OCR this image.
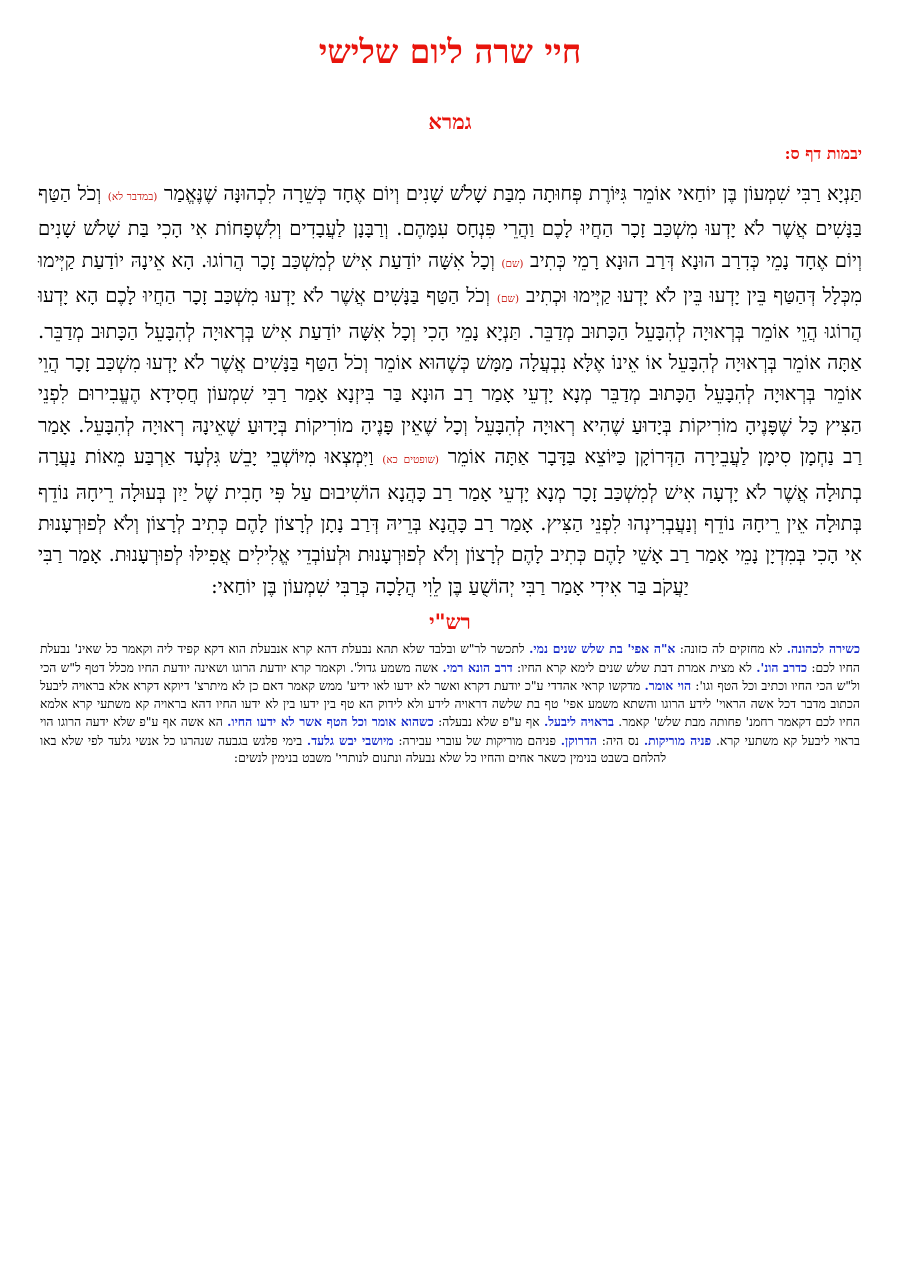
חיי שרה ליום שלישי
גמרא
יבמות דף ס:
תַּנְיָא רַבִּי שִׁמְעוֹן בֶּן יוֹחַאי אוֹמֵר גִּיּוֹרֶת פְּחוּתָה מִבַּת שָׁלֹשׁ שָׁנִים וְיוֹם אֶחָד כְּשֵׁרָה לִכְהוּנָּה שֶׁנֶּאֱמַר (במדבר לא) וְכֹל הַטַּף בַּנָּשִׁים אֲשֶׁר לֹא יָדְעוּ מִשְׁכַּב זָכָר הַחֲיוּ לָכֶם וַהֲרֵי פִּנְחָס עִמָּהֶם. וְרַבָּנָן לַעֲבָדִים וְלִשְׁפָחוֹת אִי הָכִי בַּת שָׁלֹשׁ שָׁנִים וְיוֹם אֶחָד נָמֵי כְּדִרַב הוּנָא דְּרַב הוּנָא רָמֵי כְּתִיב (שם) וְכָל אִשָּׁה יוֹדַעַת אִישׁ לְמִשְׁכַּב זָכָר הֲרוֹגוּ. הָא אֵינָהּ יוֹדַעַת קַיְּימוּ מִכְּלָל דְּהַטַּף בֵּין יָדְעוּ בֵּין לֹא יָדְעוּ קַיְּימוּ וּכְתִיב (שם) וְכֹל הַטַּף בַּנָּשִׁים אֲשֶׁר לֹא יָדְעוּ מִשְׁכַּב זָכָר הַחֲיוּ לָכֶם הָא יָדְעוּ הֲרוֹגוּ הֲוֵי אוֹמֵר בְּרְאוּיָה לְהִבָּעֵל הַכָּתוּב מְדַבֵּר. תַּנְיָא נָמֵי הָכִי וְכָל אִשָּׁה יוֹדַעַת אִישׁ בְּרְאוּיָה לְהִבָּעֵל הַכָּתוּב מְדַבֵּר. אַתָּה אוֹמֵר בְּרְאוּיָה לְהִבָּעֵל אוֹ אֵינוֹ אֶלָּא נִבְעֲלָה מַמָּשׁ כְּשֶׁהוּא אוֹמֵר וְכֹל הַטַּף בַּנָּשִׁים אֲשֶׁר לֹא יָדְעוּ מִשְׁכַּב זָכָר הֲוֵי אוֹמֵר בְּרְאוּיָה לְהִבָּעֵל הַכָּתוּב מְדַבֵּר מְנָא יָדְעֵי אָמַר רַב הוּנָא בַּר בִּיזְנָא אָמַר רַבִּי שִׁמְעוֹן חֲסִידָא הֶעֱבִירוּם לִפְנֵי הַצִּיץ כָּל שֶׁפָּנֶיהָ מוֹרִיקוֹת בְּיָדוּעַ שֶׁהִיא רְאוּיָה לְהִבָּעֵל וְכָל שֶׁאֵין פָּנֶיהָ מוֹרִיקוֹת בְּיָדוּעַ שֶׁאֵינָהּ רְאוּיָה לְהִבָּעֵל. אָמַר רַב נַחְמָן סִימָן לַעֲבֵירָה הַדְּרוֹקָן כַּיּוֹצֵא בַּדָּבָר אַתָּה אוֹמֵר (שופטים כא) וַיִּמְצְאוּ מִיּוֹשְׁבֵי יָבֵשׁ גִּלְעָד אַרְבַּע מֵאוֹת נַעֲרָה בְתוּלָה אֲשֶׁר לֹא יָדְעָה אִישׁ לְמִשְׁכַּב זָכָר מְנָא יָדְעֵי אָמַר רַב כָּהֲנָא הוֹשִׁיבוּם עַל פִּי חָבִית שֶׁל יַיִן בְּעוּלָה רֵיחָהּ נוֹדֵף בְּתוּלָה אֵין רֵיחָהּ נוֹדֵף וְנַעֲבְרִינְהוּ לִפְנֵי הַצִּיץ. אָמַר רַב כָּהֲנָא בְּרֵיהּ דְּרַב נָתָן לְרָצוֹן לָהֶם כְּתִיב לְרָצוֹן וְלֹא לְפוּרְעָנוּת אִי הָכִי בְּמִדְיָן נָמֵי אָמַר רַב אָשֵׁי לָהֶם כְּתִיב לָהֶם לְרָצוֹן וְלֹא לְפוּרְעָנוּת וּלְעוֹבְדֵי אֱלִילִים אֲפִילּוּ לְפוּרְעָנוּת. אָמַר רַבִּי יַעֲקֹב בַּר אִידִי אָמַר רַבִּי יְהוֹשֻׁעַ בֶּן לֵוִי הֲלָכָה כְּרַבִּי שִׁמְעוֹן בֶּן יוֹחַאי:
רש"י
כשירה לכהונה. לא מחזקים לה כזונה: א"ה אפי' בת שלש שנים נמי. לתכשר לר"ש ובלבד שלא תהא נבעלת דהא קרא אנבעלת הוא דקא קפיד ליה וקאמר כל שאינ' נבעלת החיו לכם: כדרב הונ'. לא מצית אמרת דבת שלש שנים לימא קרא החיו: דרב הונא רמי. אשה משמע גדול'. וקאמר קרא יודעת הרוגו ושאינה יודעת החיו מכלל דטף ל"ש הכי ול"ש הכי החיו וכתיב וכל הטף וגו': הוי אומר. מדקשו קראי אהדדי ע"כ יודעת דקרא ואשר לא ידעו לאו ידיע' ממש קאמר דאם כן לא מיתרצ' דיוקא דקרא אלא בראויה ליבעל הכתוב מדבר דכל אשה הראוי' לידע הרוגו והשתא משמע אפי' טף בת שלשה דראויה לידע ולא לידוק הא טף בין ידעו בין לא ידעו החיו דהא בראויה קא משתעי קרא אלמא החיו לכם דקאמר רחמנ' פחותה מבת שלש' קאמר. בראויה ליבעל. אף ע"פ שלא נבעלה: כשהוא אומר וכל הטף אשר לא ידעו החיו. הא אשה אף ע"פ שלא ידעה הרוגו הוי בראוי ליבעל קא משתעי קרא. פניה מוריקות. נס היה: הדרוקן. פניהם מוריקות של עוברי עבירה: מיושבי יבש גלעד. בימי פלגש בגבעה שנהרגו כל אנשי גלעד לפי שלא באו להלחם בשבט בנימין כשאר אחים והחיו כל שלא נבעלה ונתנום לנותרי' משבט בנימין לנשים:
